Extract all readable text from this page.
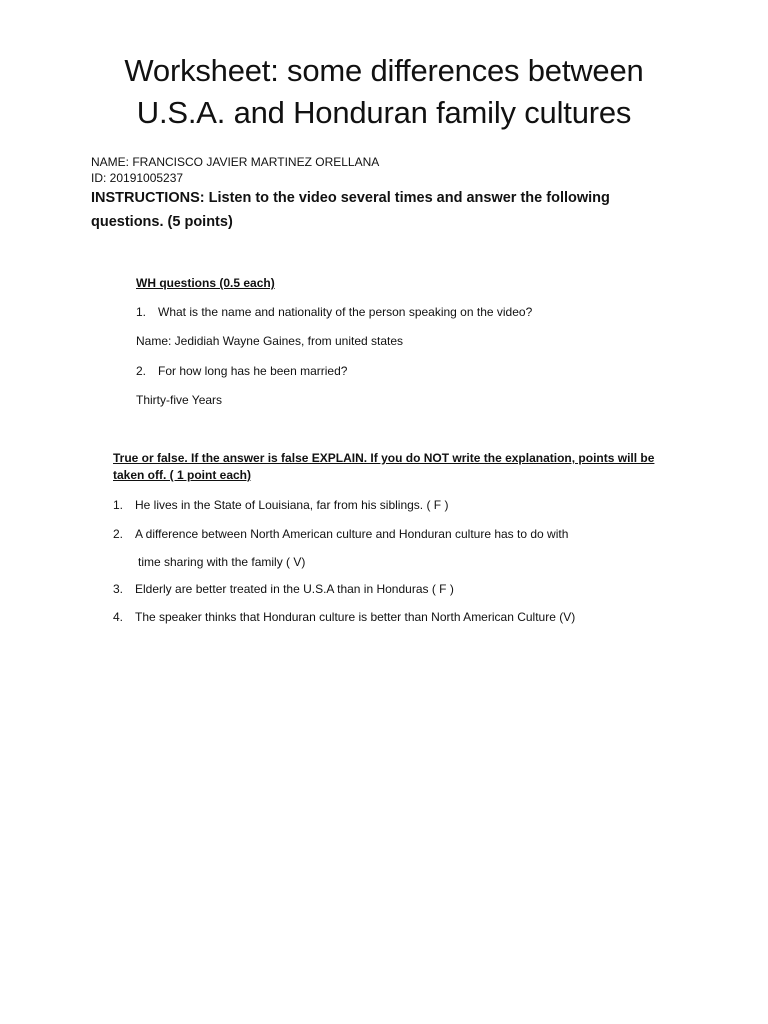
Worksheet: some differences between
U.S.A. and Honduran family cultures
NAME: FRANCISCO JAVIER MARTINEZ ORELLANA
ID: 20191005237
INSTRUCTIONS: Listen to the video several times and answer the following questions. (5 points)
WH questions (0.5 each)
1. What is the name and nationality of the person speaking on the video?
Name: Jedidiah Wayne Gaines, from united states
2. For how long has he been married?
Thirty-five Years
True or false. If the answer is false EXPLAIN. If you do NOT write the explanation, points will be taken off. ( 1 point each)
1. He lives in the State of Louisiana, far from his siblings. ( F )
2. A difference between North American culture and Honduran culture has to do with
time sharing with the family ( V)
3. Elderly are better treated in the U.S.A than in Honduras ( F )
4. The speaker thinks that Honduran culture is better than North American Culture (V)
